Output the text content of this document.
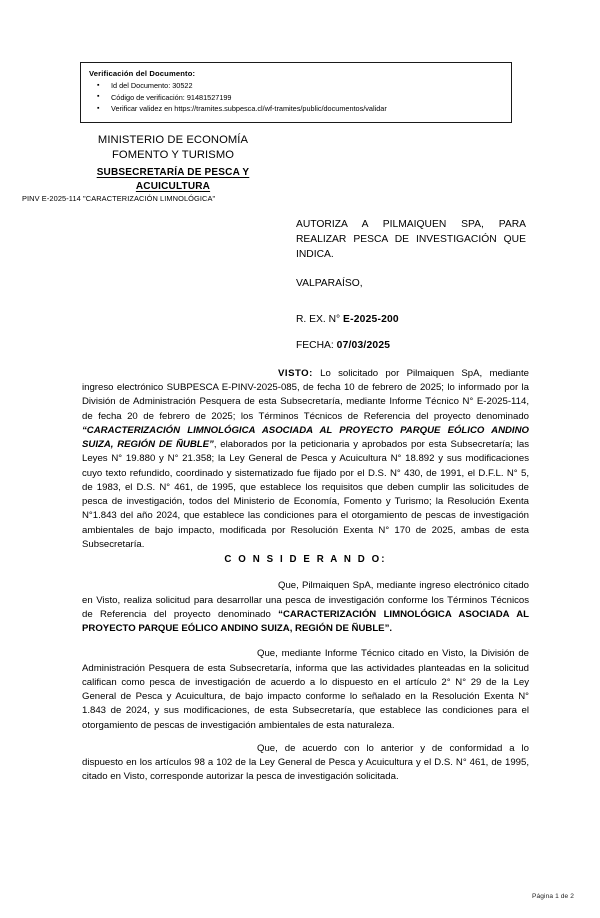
Verificación del Documento:
▪ Id del Documento: 30522
▪ Código de verificación: 91481527199
▪ Verificar validez en https://tramites.subpesca.cl/wf-tramites/public/documentos/validar
MINISTERIO DE ECONOMÍA
FOMENTO Y TURISMO
SUBSECRETARÍA DE PESCA Y
ACUICULTURA
PINV E-2025-114 "CARACTERIZACIÓN LIMNOLÓGICA"
AUTORIZA A PILMAIQUEN SPA, PARA REALIZAR PESCA DE INVESTIGACIÓN QUE INDICA.
VALPARAÍSO,
R. EX. N° E-2025-200
FECHA: 07/03/2025

VISTO: Lo solicitado por Pilmaiquen SpA, mediante ingreso electrónico SUBPESCA E-PINV-2025-085, de fecha 10 de febrero de 2025; lo informado por la División de Administración Pesquera de esta Subsecretaría, mediante Informe Técnico N° E-2025-114, de fecha 20 de febrero de 2025; los Términos Técnicos de Referencia del proyecto denominado “CARACTERIZACIÓN LIMNOLÓGICA ASOCIADA AL PROYECTO PARQUE EÓLICO ANDINO SUIZA, REGIÓN DE ÑUBLE”, elaborados por la peticionaria y aprobados por esta Subsecretaría; las Leyes N° 19.880 y N° 21.358; la Ley General de Pesca y Acuicultura N° 18.892 y sus modificaciones cuyo texto refundido, coordinado y sistematizado fue fijado por el D.S. N° 430, de 1991, el D.F.L. N° 5, de 1983, el D.S. N° 461, de 1995, que establece los requisitos que deben cumplir las solicitudes de pesca de investigación, todos del Ministerio de Economía, Fomento y Turismo; la Resolución Exenta N°1.843 del año 2024, que establece las condiciones para el otorgamiento de pescas de investigación ambientales de bajo impacto, modificada por Resolución Exenta N° 170 de 2025, ambas de esta Subsecretaría.

C O N S I D E R A N D O:

Que, Pilmaiquen SpA, mediante ingreso electrónico citado en Visto, realiza solicitud para desarrollar una pesca de investigación conforme los Términos Técnicos de Referencia del proyecto denominado “CARACTERIZACIÓN LIMNOLÓGICA ASOCIADA AL PROYECTO PARQUE EÓLICO ANDINO SUIZA, REGIÓN DE ÑUBLE”.

Que, mediante Informe Técnico citado en Visto, la División de Administración Pesquera de esta Subsecretaría, informa que las actividades planteadas en la solicitud califican como pesca de investigación de acuerdo a lo dispuesto en el artículo 2° N° 29 de la Ley General de Pesca y Acuicultura, de bajo impacto conforme lo señalado en la Resolución Exenta N° 1.843 de 2024, y sus modificaciones, de esta Subsecretaría, que establece las condiciones para el otorgamiento de pescas de investigación ambientales de esta naturaleza.

Que, de acuerdo con lo anterior y de conformidad a lo dispuesto en los artículos 98 a 102 de la Ley General de Pesca y Acuicultura y el D.S. N° 461, de 1995, citado en Visto, corresponde autorizar la pesca de investigación solicitada.

Página 1 de 2
